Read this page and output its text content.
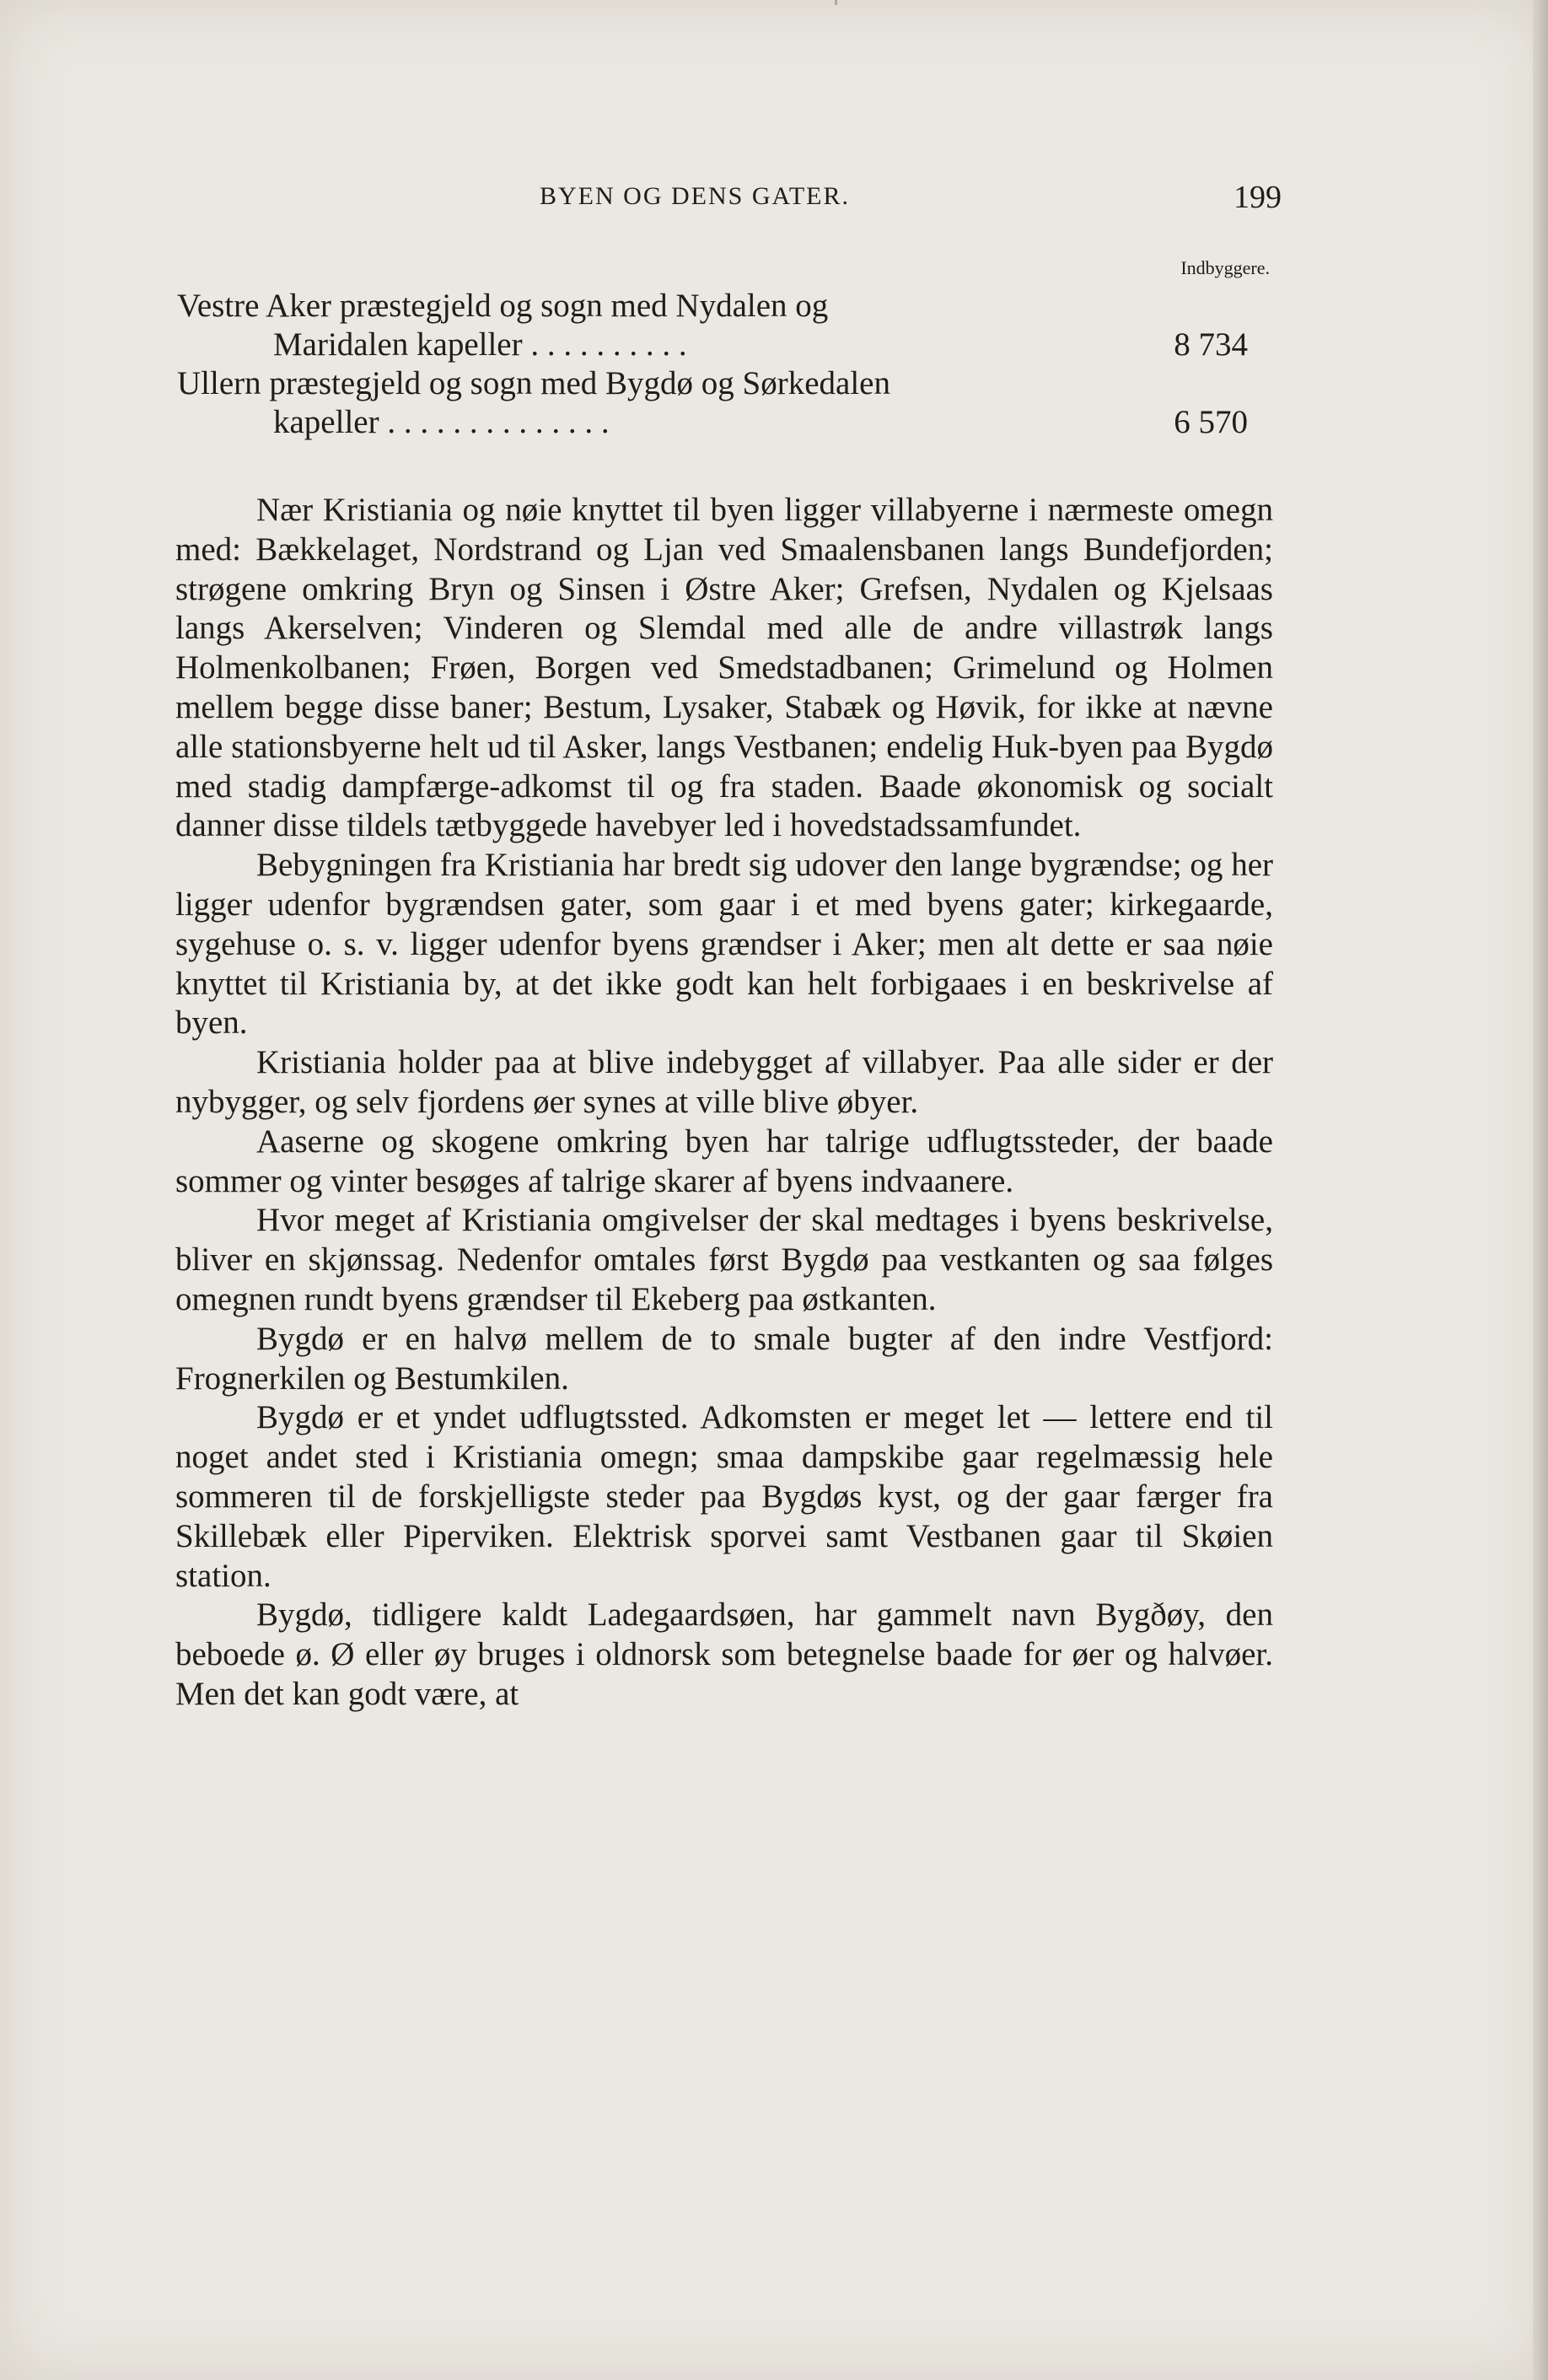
BYEN OG DENS GATER.	199
Indbyggere.
Vestre Aker præstegjeld og sogn med Nydalen og
Maridalen kapeller . . . . . . . . . .	8 734
Ullern præstegjeld og sogn med Bygdø og Sørkedalen
kapeller . . . . . . . . . . . . . .	6 570

Nær Kristiania og nøie knyttet til byen ligger villabyerne i nærmeste omegn med: Bækkelaget, Nordstrand og Ljan ved Smaalensbanen langs Bundefjorden; strøgene omkring Bryn og Sinsen i Østre Aker; Grefsen, Nydalen og Kjelsaas langs Akerselven; Vinderen og Slemdal med alle de andre villastrøk langs Holmenkolbanen; Frøen, Borgen ved Smedstadbanen; Grimelund og Holmen mellem begge disse baner; Bestum, Lysaker, Stabæk og Høvik, for ikke at nævne alle stationsbyerne helt ud til Asker, langs Vestbanen; endelig Huk-byen paa Bygdø med stadig dampfærge-adkomst til og fra staden. Baade økonomisk og socialt danner disse tildels tætbyggede havebyer led i hovedstadssamfundet.

Bebygningen fra Kristiania har bredt sig udover den lange bygrændse; og her ligger udenfor bygrændsen gater, som gaar i et med byens gater; kirkegaarde, sygehuse o. s. v. ligger udenfor byens grændser i Aker; men alt dette er saa nøie knyttet til Kristiania by, at det ikke godt kan helt forbigaaes i en beskrivelse af byen.

Kristiania holder paa at blive indebygget af villabyer. Paa alle sider er der nybygger, og selv fjordens øer synes at ville blive øbyer.

Aaserne og skogene omkring byen har talrige udflugtssteder, der baade sommer og vinter besøges af talrige skarer af byens indvaanere.

Hvor meget af Kristiania omgivelser der skal medtages i byens beskrivelse, bliver en skjønssag. Nedenfor omtales først Bygdø paa vestkanten og saa følges omegnen rundt byens grændser til Ekeberg paa østkanten.

Bygdø er en halvø mellem de to smale bugter af den indre Vestfjord: Frognerkilen og Bestumkilen.

Bygdø er et yndet udflugtssted. Adkomsten er meget let — lettere end til noget andet sted i Kristiania omegn; smaa dampskibe gaar regelmæssig hele sommeren til de forskjelligste steder paa Bygdøs kyst, og der gaar færger fra Skillebæk eller Piperviken. Elektrisk sporvei samt Vestbanen gaar til Skøien station.

Bygdø, tidligere kaldt Ladegaardsøen, har gammelt navn Bygðøy, den beboede ø. Ø eller øy bruges i oldnorsk som betegnelse baade for øer og halvøer. Men det kan godt være, at
